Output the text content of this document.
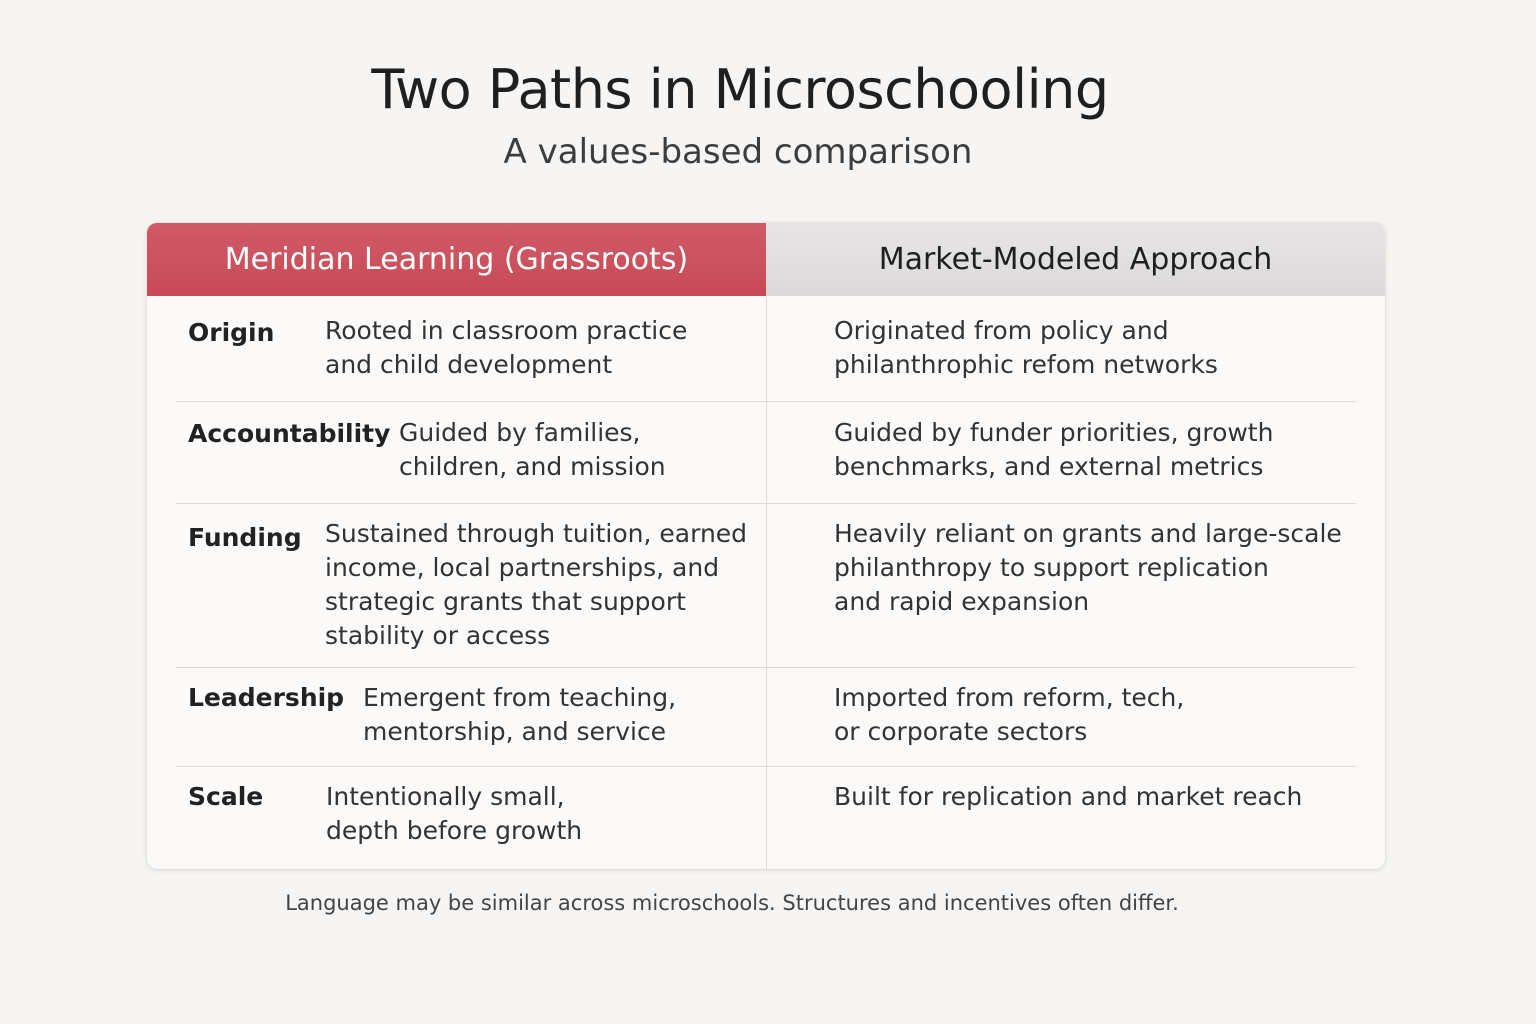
Two Paths in Microschooling
A values-based comparison
Meridian Learning (Grassroots)	Market-Modeled Approach
Origin Rooted in classroom practice
and child development
Originated from policy and
philanthrophic refom networks
Accountability Guided by families,
children, and mission
Guided by funder priorities, growth
benchmarks, and external metrics
Funding Sustained through tuition, earned
income, local partnerships, and
strategic grants that support
stability or access
Heavily reliant on grants and large-scale
philanthropy to support replication
and rapid expansion
Leadership Emergent from teaching,
mentorship, and service
Imported from reform, tech,
or corporate sectors
Scale	Intentionally small,
depth before growth
Built for replication and market reach
Language may be similar across microschools. Structures and incentives often differ.
